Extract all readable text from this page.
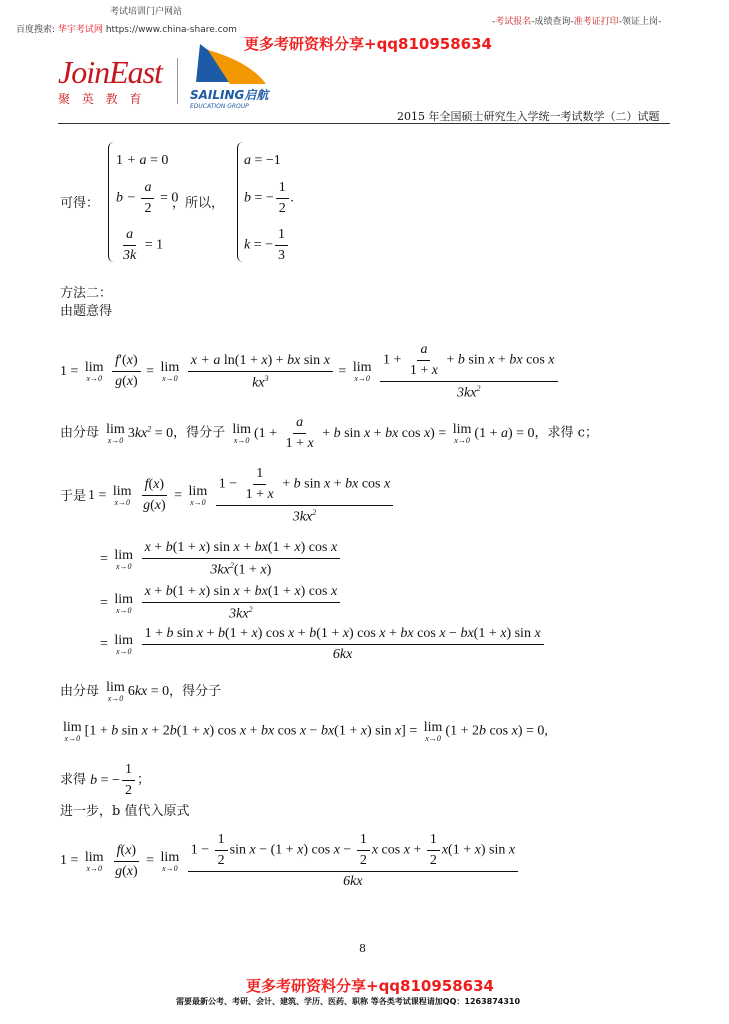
考试培训门户网站
百度搜索: 华宇考试网 https://www.china-share.com
-考试报名-成绩查询-准考证打印-领证上岗-
更多考研资料分享+qq810958634
JoinEast
聚 英 教 育	SAILING启航
EDUCATION GROUP
2015 年全国硕士研究生入学统一考试数学（二）试题
可得：
1 + a = 0
$b - \frac{a}{2} = 0$
$\frac{a}{3k} = 1$
，所以，
a = −1
b = − $\frac{1}{2}$ .
k = − $\frac{1}{3}$
方法二：
由题意得
1 = lim
x→0
$\frac{f'(x)}{g(x)} = \lim$
x→0
$\frac{\text{x + a ln(1 + x) + bx sin x}}{kx^3} = \lim$
x→0
$\frac{1 + \frac{a}{1 + x} + b \sin x + bx \cos x}{3kx^2}$
由分母 lim
x→0 $3kx^2 = 0$，得分子 lim
x→0 ($1 + \frac{a}{1 + x} + b$ sin x + bx cos x) = lim
x→0 (1 + a) = 0，求得 c；
于是 1 = lim
x→0
$\frac{f(x)}{g(x)} = \lim$
x→0
$\frac{1 - \frac{1}{1 + x} + b \sin x + bx \cos x}{3kx^2}$
= lim
x→0
$\frac{\text{x + b(1 + x) sin x + bx(1 + x) cos x}}{3kx^2(1 + x)}$
= lim
x→0
$\frac{\text{x + b(1 + x) sin x + bx(1 + x) cos x}}{3kx^2}$
= lim
x→0

1 + b sin x + b(1 + x) cos x + b(1 + x) cos x + bx cos x − bx(1 + x) sin x
6kx
由分母 lim
x→0 6kx = 0，得分子
lim
x→0 [1 + b sin x + 2b(1 + x) cos x + bx cos x − bx(1 + x) sin x] = lim
x→0 (1 + 2b cos x) = 0,
求得 b = − $\frac{1}{2}$ ；
进一步，b 值代入原式
1 = lim
x→0
$\frac{f(x)}{g(x)} = \lim$
x→0
$\frac{1 - \frac{1}{2} \sin x - (1 + x) \cos x - \frac{1}{2} x \cos x + \frac{1}{2} x(1 + x) \sin x}{6kx}$
8
更多考研资料分享+qq810958634
需要最新公考、考研、会计、建筑、学历、医药、职称 等各类考试课程请加QQ：1263874310
